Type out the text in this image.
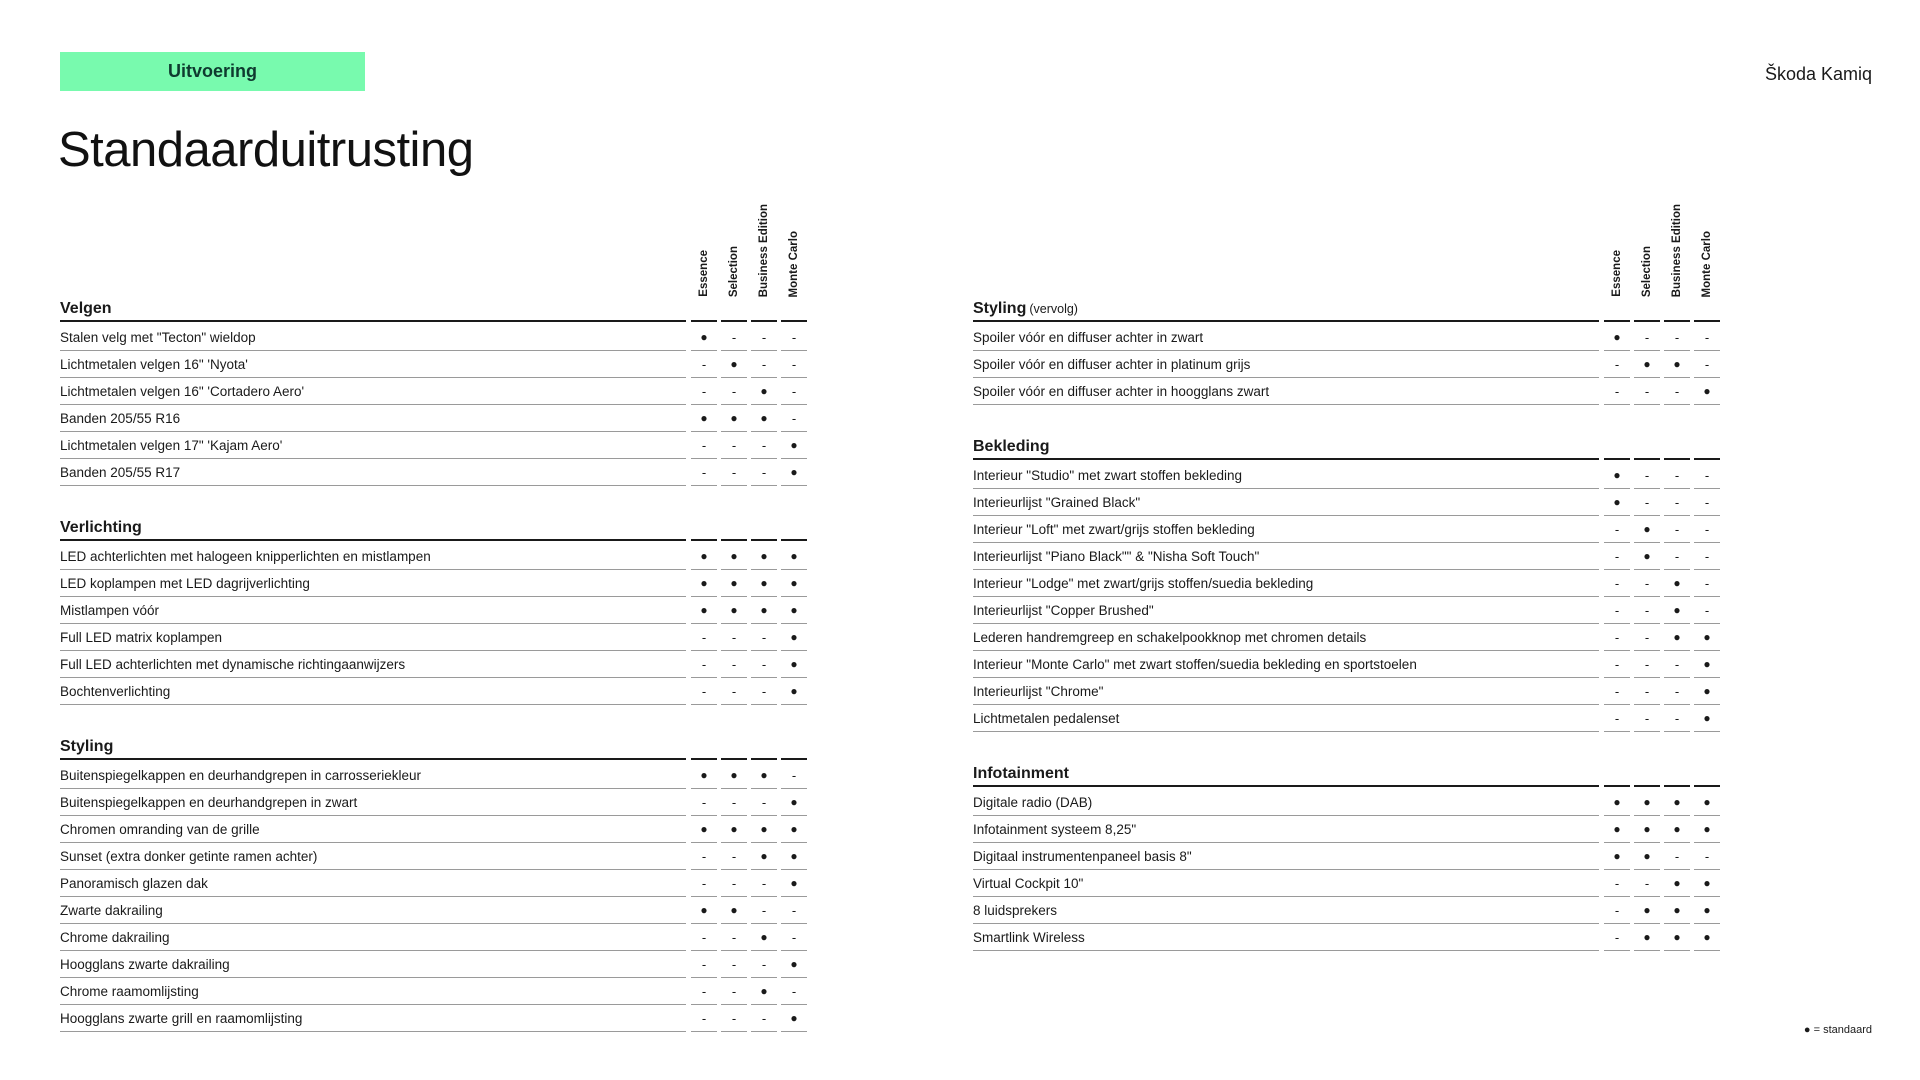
Uitvoering	Škoda Kamiq
Standaarduitrusting
Essence Selection Business Edition Monte Carlo
Velgen
Stalen velg met "Tecton" wieldop	●	-	-	-
Lichtmetalen velgen 16" 'Nyota'	-	●	-	-
Lichtmetalen velgen 16" 'Cortadero Aero'	-	-	●	-
Banden 205/55 R16	●	●	●	-
Lichtmetalen velgen 17" 'Kajam Aero'	-	-	-	●
Banden 205/55 R17	-	-	-	●
Verlichting
LED achterlichten met halogeen knipperlichten en mistlampen	●	●	●	●
LED koplampen met LED dagrijverlichting	●	●	●	●
Mistlampen vóór	●	●	●	●
Full LED matrix koplampen	-	-	-	●
Full LED achterlichten met dynamische richtingaanwijzers	-	-	-	●
Bochtenverlichting	-	-	-	●
Styling
Buitenspiegelkappen en deurhandgrepen in carrosseriekleur	●	●	●	-
Buitenspiegelkappen en deurhandgrepen in zwart	-	-	-	●
Chromen omranding van de grille	●	●	●	●
Sunset (extra donker getinte ramen achter)	-	-	●	●
Panoramisch glazen dak	-	-	-	●
Zwarte dakrailing	●	●	-	-
Chrome dakrailing	-	-	●	-
Hoogglans zwarte dakrailing	-	-	-	●
Chrome raamomlijsting	-	-	●	-
Hoogglans zwarte grill en raamomlijsting	-	-	-	●
Essence Selection Business Edition Monte Carlo
Styling (vervolg)
Spoiler vóór en diffuser achter in zwart	●	-	-	-
Spoiler vóór en diffuser achter in platinum grijs	-	●	●	-
Spoiler vóór en diffuser achter in hoogglans zwart	-	-	-	●
Bekleding
Interieur "Studio" met zwart stoffen bekleding	●	-	-	-
Interieurlijst "Grained Black"	●	-	-	-
Interieur "Loft" met zwart/grijs stoffen bekleding	-	●	-	-
Interieurlijst "Piano Black"" & "Nisha Soft Touch"	-	●	-	-
Interieur "Lodge" met zwart/grijs stoffen/suedia bekleding	-	-	●	-
Interieurlijst "Copper Brushed"	-	-	●	-
Lederen handremgreep en schakelpookknop met chromen details	-	-	●	●
Interieur "Monte Carlo" met zwart stoffen/suedia bekleding en sportstoelen	-	-	-	●
Interieurlijst "Chrome"	-	-	-	●
Lichtmetalen pedalenset	-	-	-	●
Infotainment
Digitale radio (DAB)	●	●	●	●
Infotainment systeem 8,25"	●	●	●	●
Digitaal instrumentenpaneel basis 8"	●	●	-	-
Virtual Cockpit 10"	-	-	●	●
8 luidsprekers	-	●	●	●
Smartlink Wireless	-	●	●	●
● = standaard
